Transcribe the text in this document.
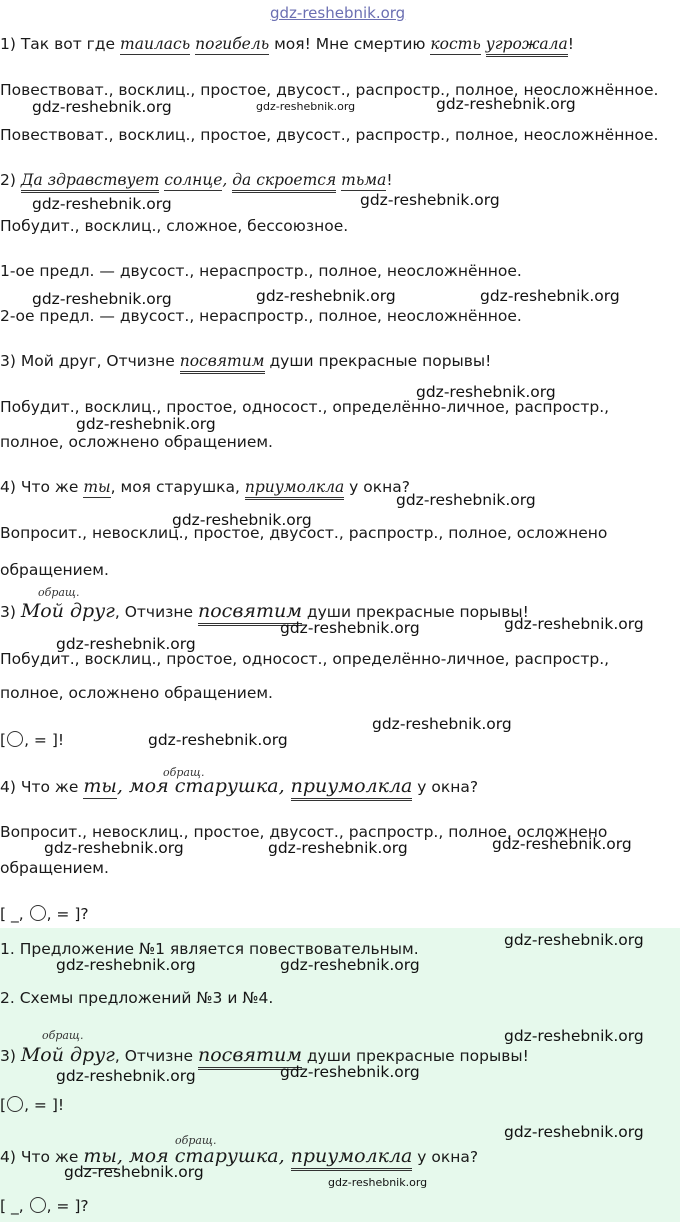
gdz-reshebnik.org
1) Так вот где таилась погибель моя! Мне смертию кость угрожала!
Повествоват., восклиц., простое, двусост., распростр., полное, неосложнённое.
Повествоват., восклиц., простое, двусост., распростр., полное, неосложнённое.
2) Да здравствует солнце, да скроется тьма!
Побудит., восклиц., сложное, бессоюзное.
1-ое предл. — двусост., нераспростр., полное, неосложнённое.
2-ое предл. — двусост., нераспростр., полное, неосложнённое.
3) Мой друг, Отчизне посвятим души прекрасные порывы!
Побудит., восклиц., простое, односост., определённо-личное, распростр.,
полное, осложнено обращением.
4) Что же ты, моя старушка, приумолкла у окна?
Вопросит., невосклиц., простое, двусост., распростр., полное, осложнено
обращением.
обращ.
3) Мой друг, Отчизне посвятим души прекрасные порывы!
Побудит., восклиц., простое, односост., определённо-личное, распростр.,
полное, осложнено обращением.
[ , = ]!
обращ.
4) Что же ты, моя старушка, приумолкла у окна?
Вопросит., невосклиц., простое, двусост., распростр., полное, осложнено
обращением.
[ _, , = ]?
1. Предложение №1 является повествовательным.
2. Схемы предложений №3 и №4.
обращ.
3) Мой друг, Отчизне посвятим души прекрасные порывы!
[ , = ]!
обращ.
4) Что же ты, моя старушка, приумолкла у окна?
[ _, , = ]?
gdz-reshebnik.org	gdz-reshebnik.org	gdz-reshebnik.org
gdz-reshebnik.org	gdz-reshebnik.org
gdz-reshebnik.org	gdz-reshebnik.org	gdz-reshebnik.org
gdz-reshebnik.org
gdz-reshebnik.org
gdz-reshebnik.org
gdz-reshebnik.org
gdz-reshebnik.org
gdz-reshebnik.org
gdz-reshebnik.org
gdz-reshebnik.org
gdz-reshebnik.org
gdz-reshebnik.org
gdz-reshebnik.org	gdz-reshebnik.org
gdz-reshebnik.org
gdz-reshebnik.org	gdz-reshebnik.org
gdz-reshebnik.org
gdz-reshebnik.org
gdz-reshebnik.org
gdz-reshebnik.org
gdz-reshebnik.org
gdz-reshebnik.org
